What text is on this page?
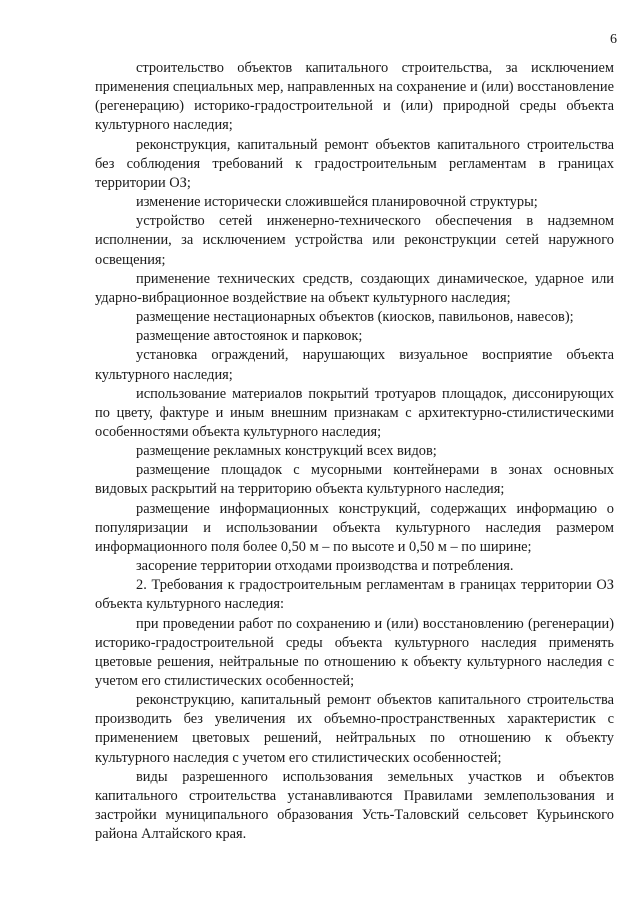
6

строительство объектов капитального строительства, за исключением применения специальных мер, направленных на сохранение и (или) восстановление (регенерацию) историко-градостроительной и (или) природной среды объекта культурного наследия;

реконструкция, капитальный ремонт объектов капитального строительства без соблюдения требований к градостроительным регламентам в границах территории ОЗ;

изменение исторически сложившейся планировочной структуры;

устройство сетей инженерно-технического обеспечения в надземном исполнении, за исключением устройства или реконструкции сетей наружного освещения;

применение технических средств, создающих динамическое, ударное или ударно-вибрационное воздействие на объект культурного наследия;

размещение нестационарных объектов (киосков, павильонов, навесов);

размещение автостоянок и парковок;

установка ограждений, нарушающих визуальное восприятие объекта культурного наследия;

использование материалов покрытий тротуаров площадок, диссонирующих по цвету, фактуре и иным внешним признакам с архитектурно-стилистическими особенностями объекта культурного наследия;

размещение рекламных конструкций всех видов;

размещение площадок с мусорными контейнерами в зонах основных видовых раскрытий на территорию объекта культурного наследия;

размещение информационных конструкций, содержащих информацию о популяризации и использовании объекта культурного наследия размером информационного поля более 0,50 м – по высоте и 0,50 м – по ширине;

засорение территории отходами производства и потребления.

2. Требования к градостроительным регламентам в границах территории ОЗ объекта культурного наследия:

при проведении работ по сохранению и (или) восстановлению (регенерации) историко-градостроительной среды объекта культурного наследия применять цветовые решения, нейтральные по отношению к объекту культурного наследия с учетом его стилистических особенностей;

реконструкцию, капитальный ремонт объектов капитального строительства производить без увеличения их объемно-пространственных характеристик с применением цветовых решений, нейтральных по отношению к объекту культурного наследия с учетом его стилистических особенностей;

виды разрешенного использования земельных участков и объектов капитального строительства устанавливаются Правилами землепользования и застройки муниципального образования Усть-Таловский сельсовет Курьинского района Алтайского края.
